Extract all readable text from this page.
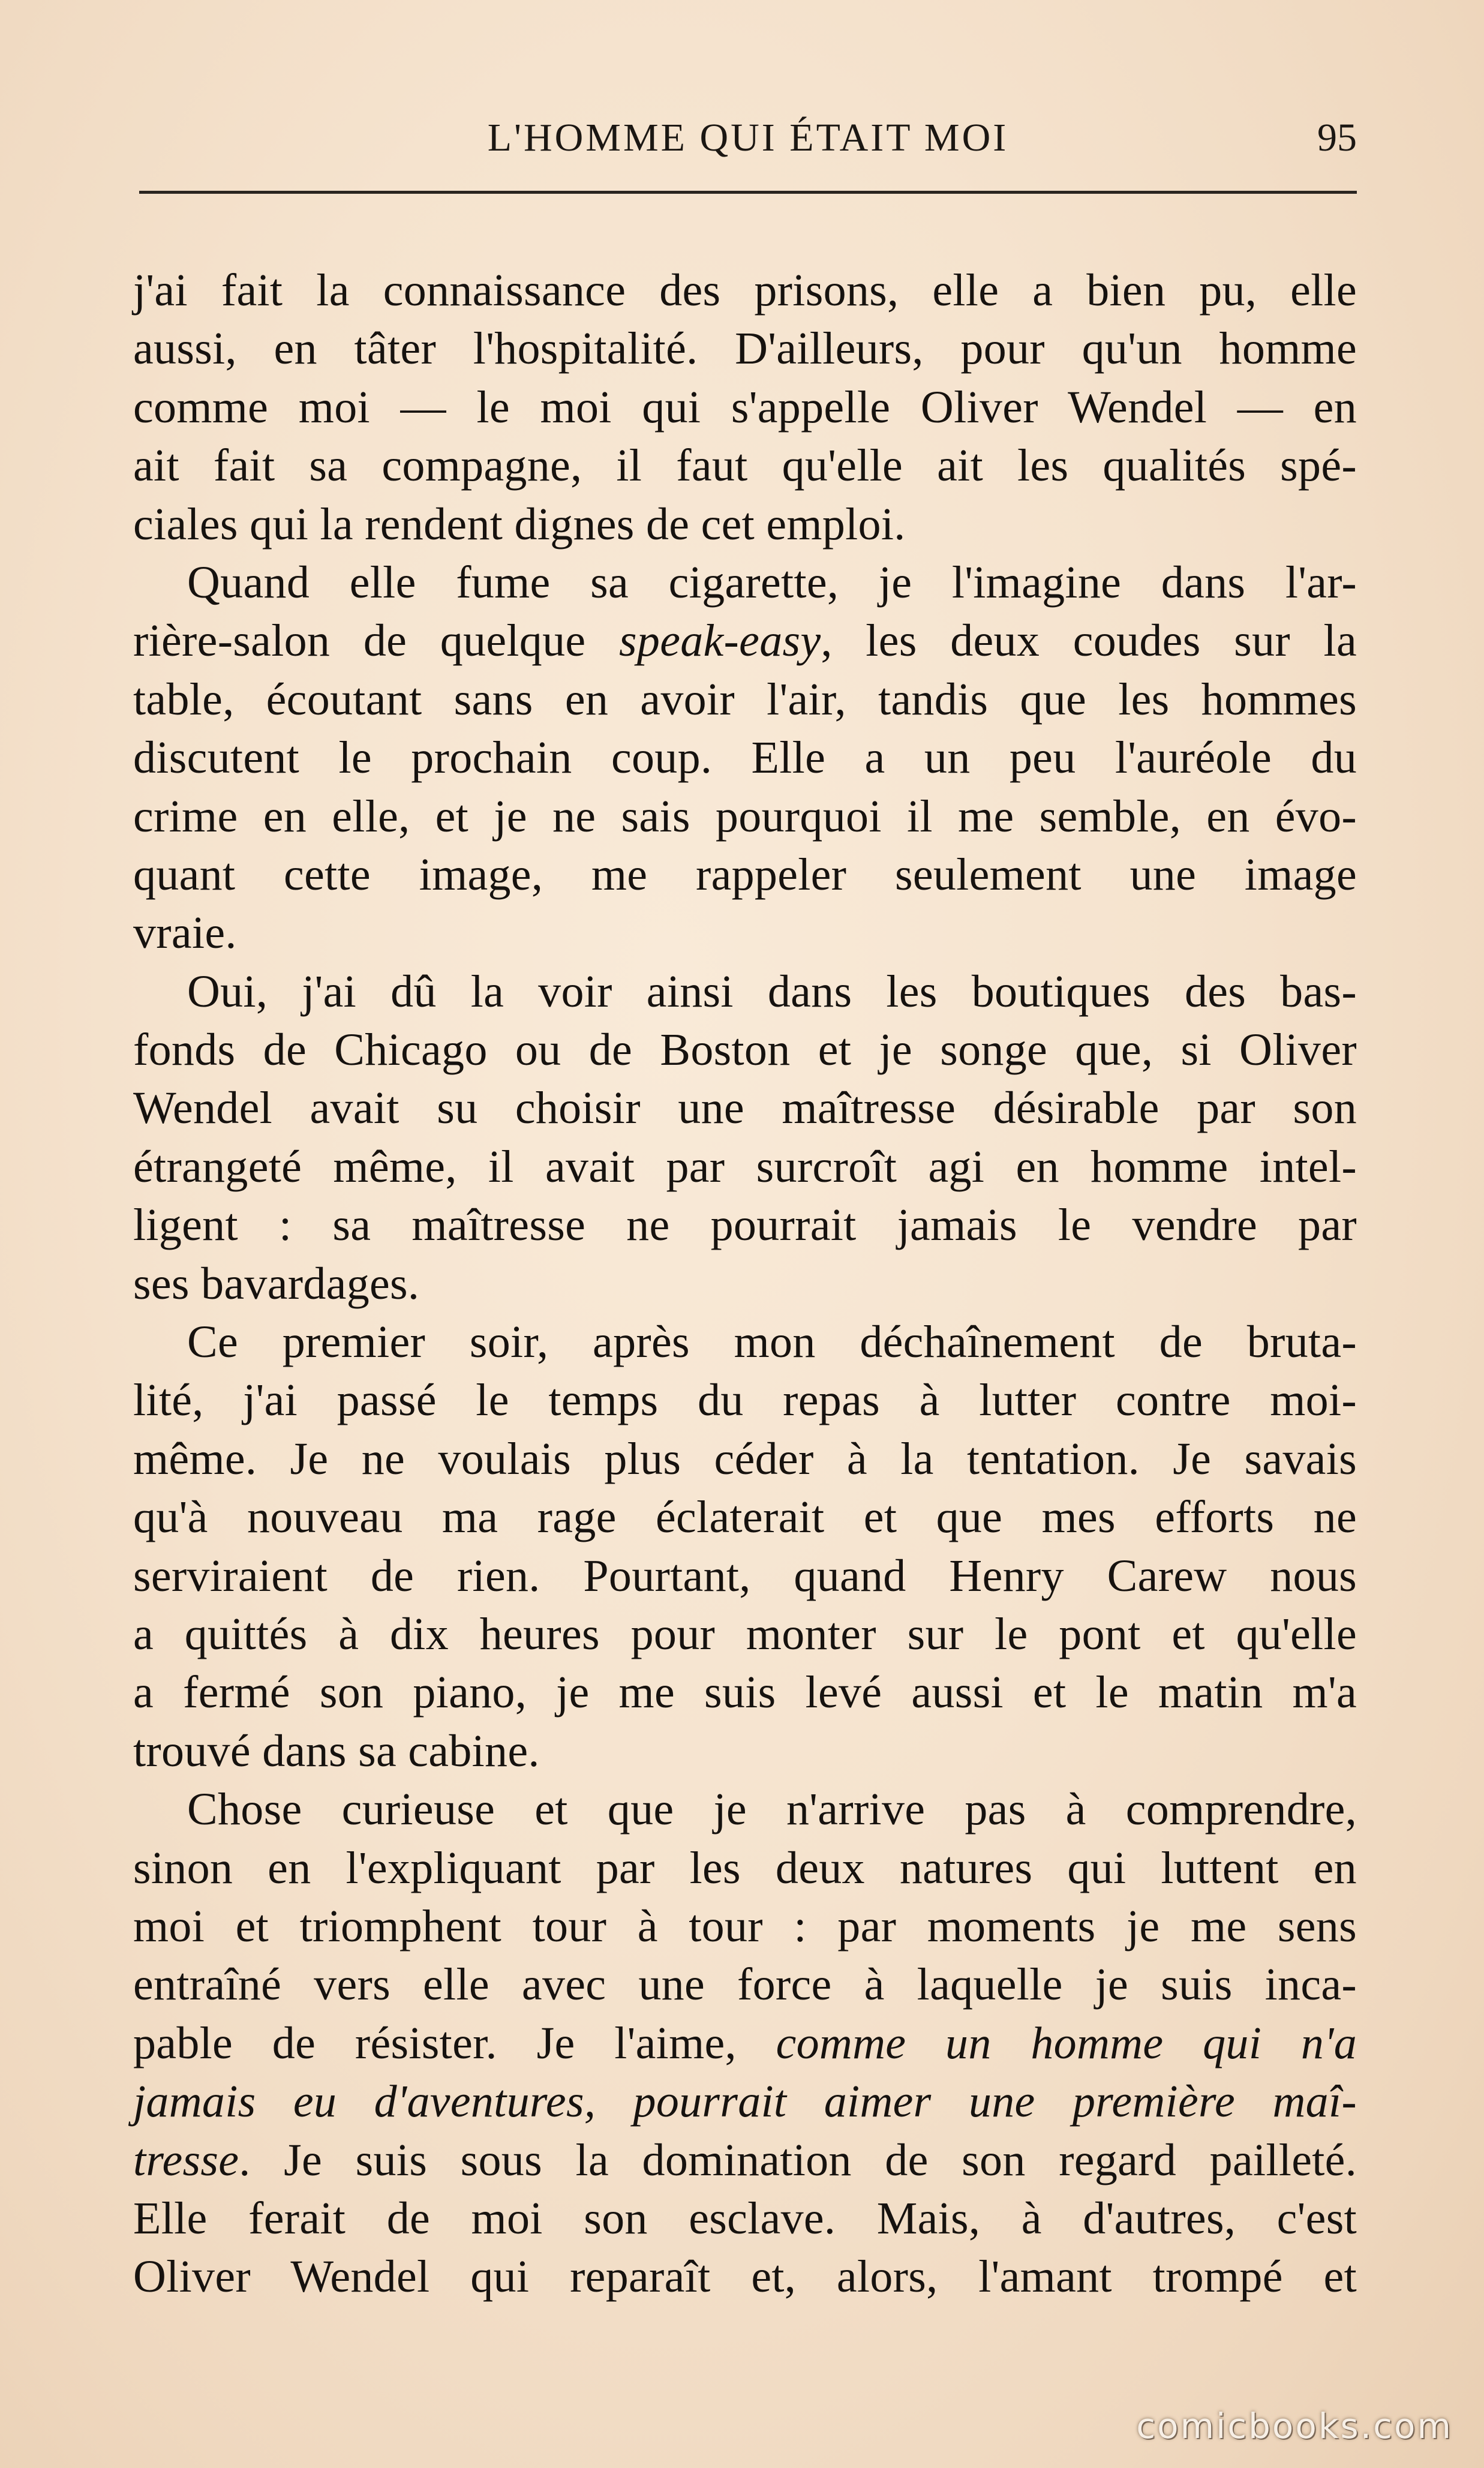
L'HOMME QUI ÉTAIT MOI	95
j'ai fait la connaissance des prisons, elle a bien pu, elle
aussi, en tâter l'hospitalité. D'ailleurs, pour qu'un homme
comme moi — le moi qui s'appelle Oliver Wendel — en
ait fait sa compagne, il faut qu'elle ait les qualités spé-
ciales qui la rendent dignes de cet emploi.
Quand elle fume sa cigarette, je l'imagine dans l'ar-
rière-salon de quelque speak-easy, les deux coudes sur la
table, écoutant sans en avoir l'air, tandis que les hommes
discutent le prochain coup. Elle a un peu l'auréole du
crime en elle, et je ne sais pourquoi il me semble, en évo-
quant cette image, me rappeler seulement une image
vraie.
Oui, j'ai dû la voir ainsi dans les boutiques des bas-
fonds de Chicago ou de Boston et je songe que, si Oliver
Wendel avait su choisir une maîtresse désirable par son
étrangeté même, il avait par surcroît agi en homme intel-
ligent : sa maîtresse ne pourrait jamais le vendre par
ses bavardages.
Ce premier soir, après mon déchaînement de bruta-
lité, j'ai passé le temps du repas à lutter contre moi-
même. Je ne voulais plus céder à la tentation. Je savais
qu'à nouveau ma rage éclaterait et que mes efforts ne
serviraient de rien. Pourtant, quand Henry Carew nous
a quittés à dix heures pour monter sur le pont et qu'elle
a fermé son piano, je me suis levé aussi et le matin m'a
trouvé dans sa cabine.
Chose curieuse et que je n'arrive pas à comprendre,
sinon en l'expliquant par les deux natures qui luttent en
moi et triomphent tour à tour : par moments je me sens
entraîné vers elle avec une force à laquelle je suis inca-
pable de résister. Je l'aime, comme un homme qui n'a
jamais eu d'aventures, pourrait aimer une première maî-
tresse. Je suis sous la domination de son regard pailleté.
Elle ferait de moi son esclave. Mais, à d'autres, c'est
Oliver Wendel qui reparaît et, alors, l'amant trompé et
comicbooks.com
